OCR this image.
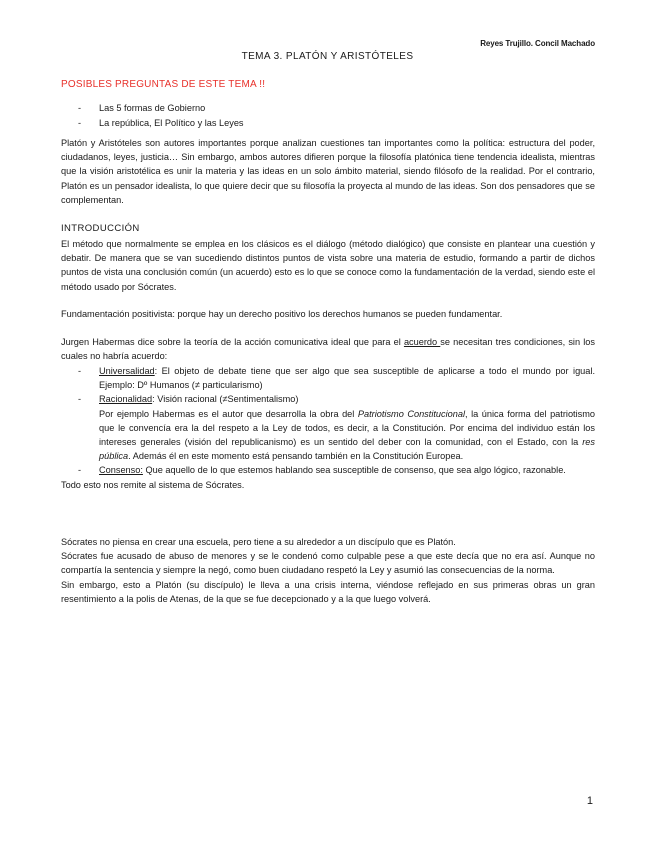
Reyes Trujillo. Concil Machado
TEMA 3. PLATÓN Y ARISTÓTELES
POSIBLES PREGUNTAS DE ESTE TEMA !!
- Las 5 formas de Gobierno
- La república, El Político y las Leyes

Platón y Aristóteles son autores importantes porque analizan cuestiones tan importantes como la política: estructura del poder, ciudadanos, leyes, justicia… Sin embargo, ambos autores difieren porque la filosofía platónica tiene tendencia idealista, mientras que la visión aristotélica es unir la materia y las ideas en un solo ámbito material, siendo filósofo de la realidad. Por el contrario, Platón es un pensador idealista, lo que quiere decir que su filosofía la proyecta al mundo de las ideas. Son dos pensadores que se complementan.

INTRODUCCIÓN

El método que normalmente se emplea en los clásicos es el diálogo (método dialógico) que consiste en plantear una cuestión y debatir. De manera que se van sucediendo distintos puntos de vista sobre una materia de estudio, formando a partir de dichos puntos de vista una conclusión común (un acuerdo) esto es lo que se conoce como la fundamentación de la verdad, siendo este el método usado por Sócrates.

Fundamentación positivista: porque hay un derecho positivo los derechos humanos se pueden fundamentar.

Jurgen Habermas dice sobre la teoría de la acción comunicativa ideal que para el acuerdo se necesitan tres condiciones, sin los cuales no habría acuerdo:

- Universalidad: El objeto de debate tiene que ser algo que sea susceptible de aplicarse a todo el mundo por igual. Ejemplo: Dº Humanos (≠ particularismo)
- Racionalidad: Visión racional (≠Sentimentalismo)
Por ejemplo Habermas es el autor que desarrolla la obra del Patriotismo Constitucional, la única forma del patriotismo que le convencía era la del respeto a la Ley de todos, es decir, a la Constitución. Por encima del individuo están los intereses generales (visión del republicanismo) es un sentido del deber con la comunidad, con el Estado, con la res pública. Además él en este momento está pensando también en la Constitución Europea.
- Consenso: Que aquello de lo que estemos hablando sea susceptible de consenso, que sea algo lógico, razonable.
Todo esto nos remite al sistema de Sócrates.

Sócrates no piensa en crear una escuela, pero tiene a su alrededor a un discípulo que es Platón.

Sócrates fue acusado de abuso de menores y se le condenó como culpable pese a que este decía que no era así. Aunque no compartía la sentencia y siempre la negó, como buen ciudadano respetó la Ley y asumió las consecuencias de la norma.

Sin embargo, esto a Platón (su discípulo) le lleva a una crisis interna, viéndose reflejado en sus primeras obras un gran resentimiento a la polis de Atenas, de la que se fue decepcionado y a la que luego volverá.

1
